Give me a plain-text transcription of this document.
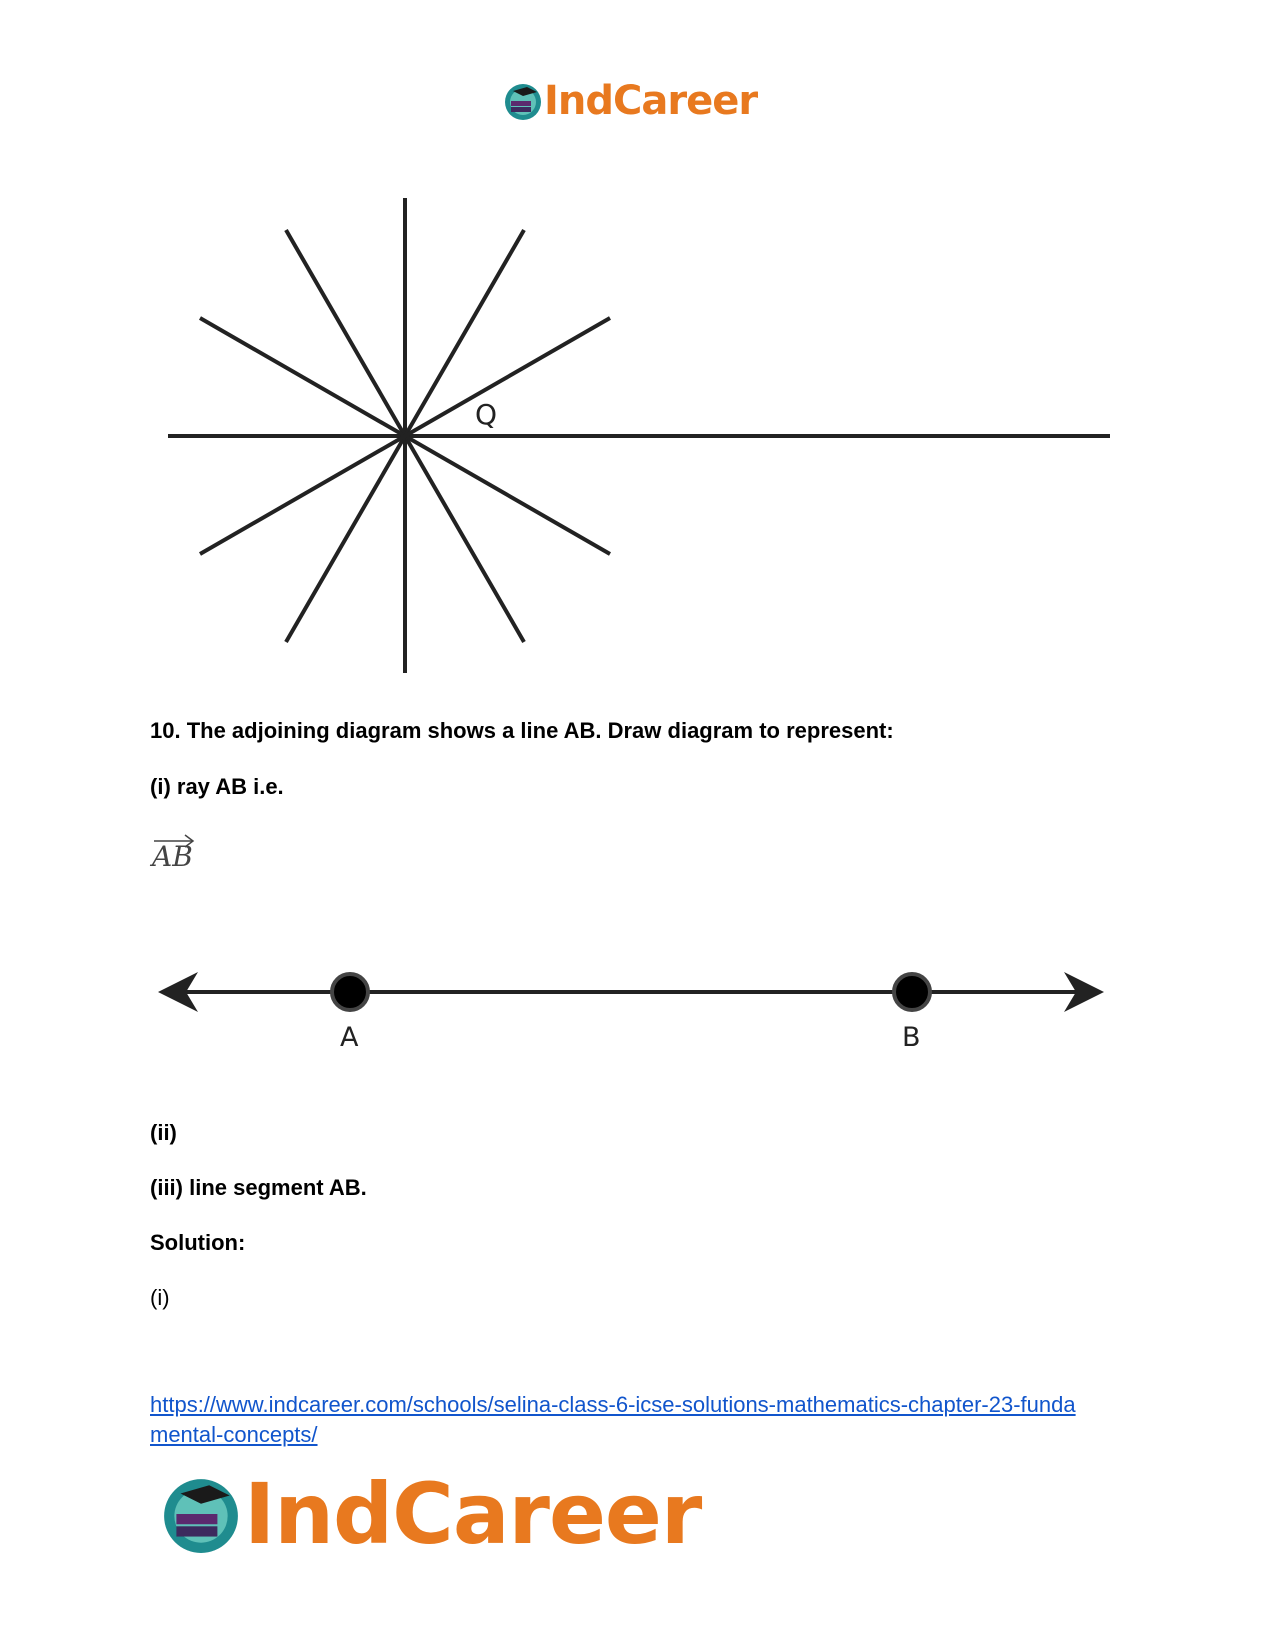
IndCareer
Q
10. The adjoining diagram shows a line AB. Draw diagram to represent:
(i) ray AB i.e.
AB
A	B
(ii)
(iii) line segment AB.
Solution:
(i)
https://www.indcareer.com/schools/selina-class-6-icse-solutions-mathematics-chapter-23-funda
mental-concepts/
IndCareer
